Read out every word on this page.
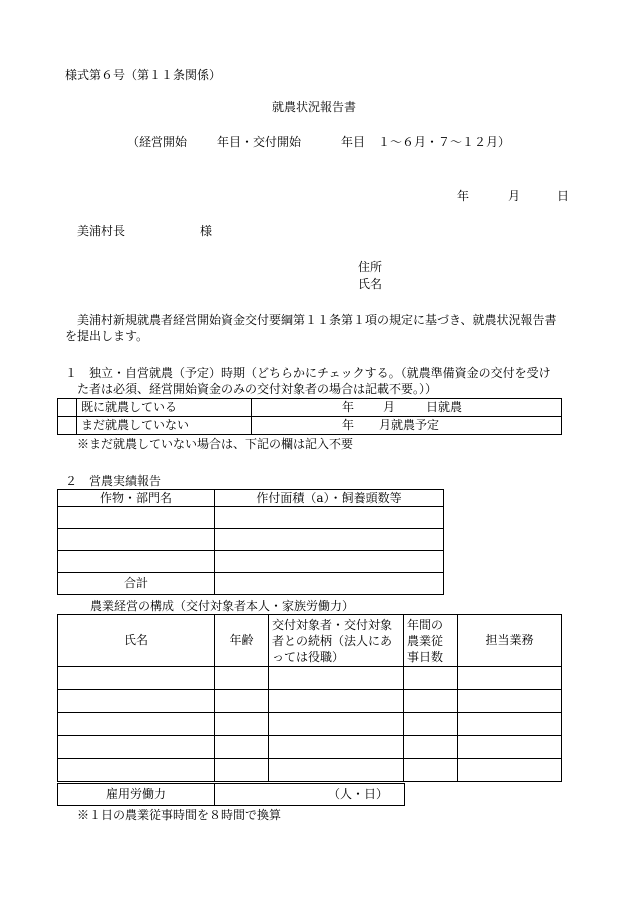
様式第６号（第１１条関係）
就農状況報告書
（経営開始 年目・交付開始	年目 １～６月・７～１２月）
年	月	日
美浦村長	様
住所
氏名
美浦村新規就農者経営開始資金交付要綱第１１条第１項の規定に基づき、就農状況報告書
を提出します。
１　独立・自営就農（予定）時期（どちらかにチェックする。（就農準備資金の交付を受け
た者は必須、経営開始資金のみの交付対象者の場合は記載不要。））
	既に就農している	年 月 日就農

	まだ就農していない	年 月就農予定
※まだ就農していない場合は、下記の欄は記入不要
２　営農実績報告
作物・部門名	作付面積（a）・飼養頭数等

合計	
農業経営の構成（交付対象者本人・家族労働力）
氏名	年齢	交付対象者・交付対象者との続柄（法人にあっては役職）	年間の農業従事日数	担当業務

雇用労働力	（人・日）
※１日の農業従事時間を８時間で換算
